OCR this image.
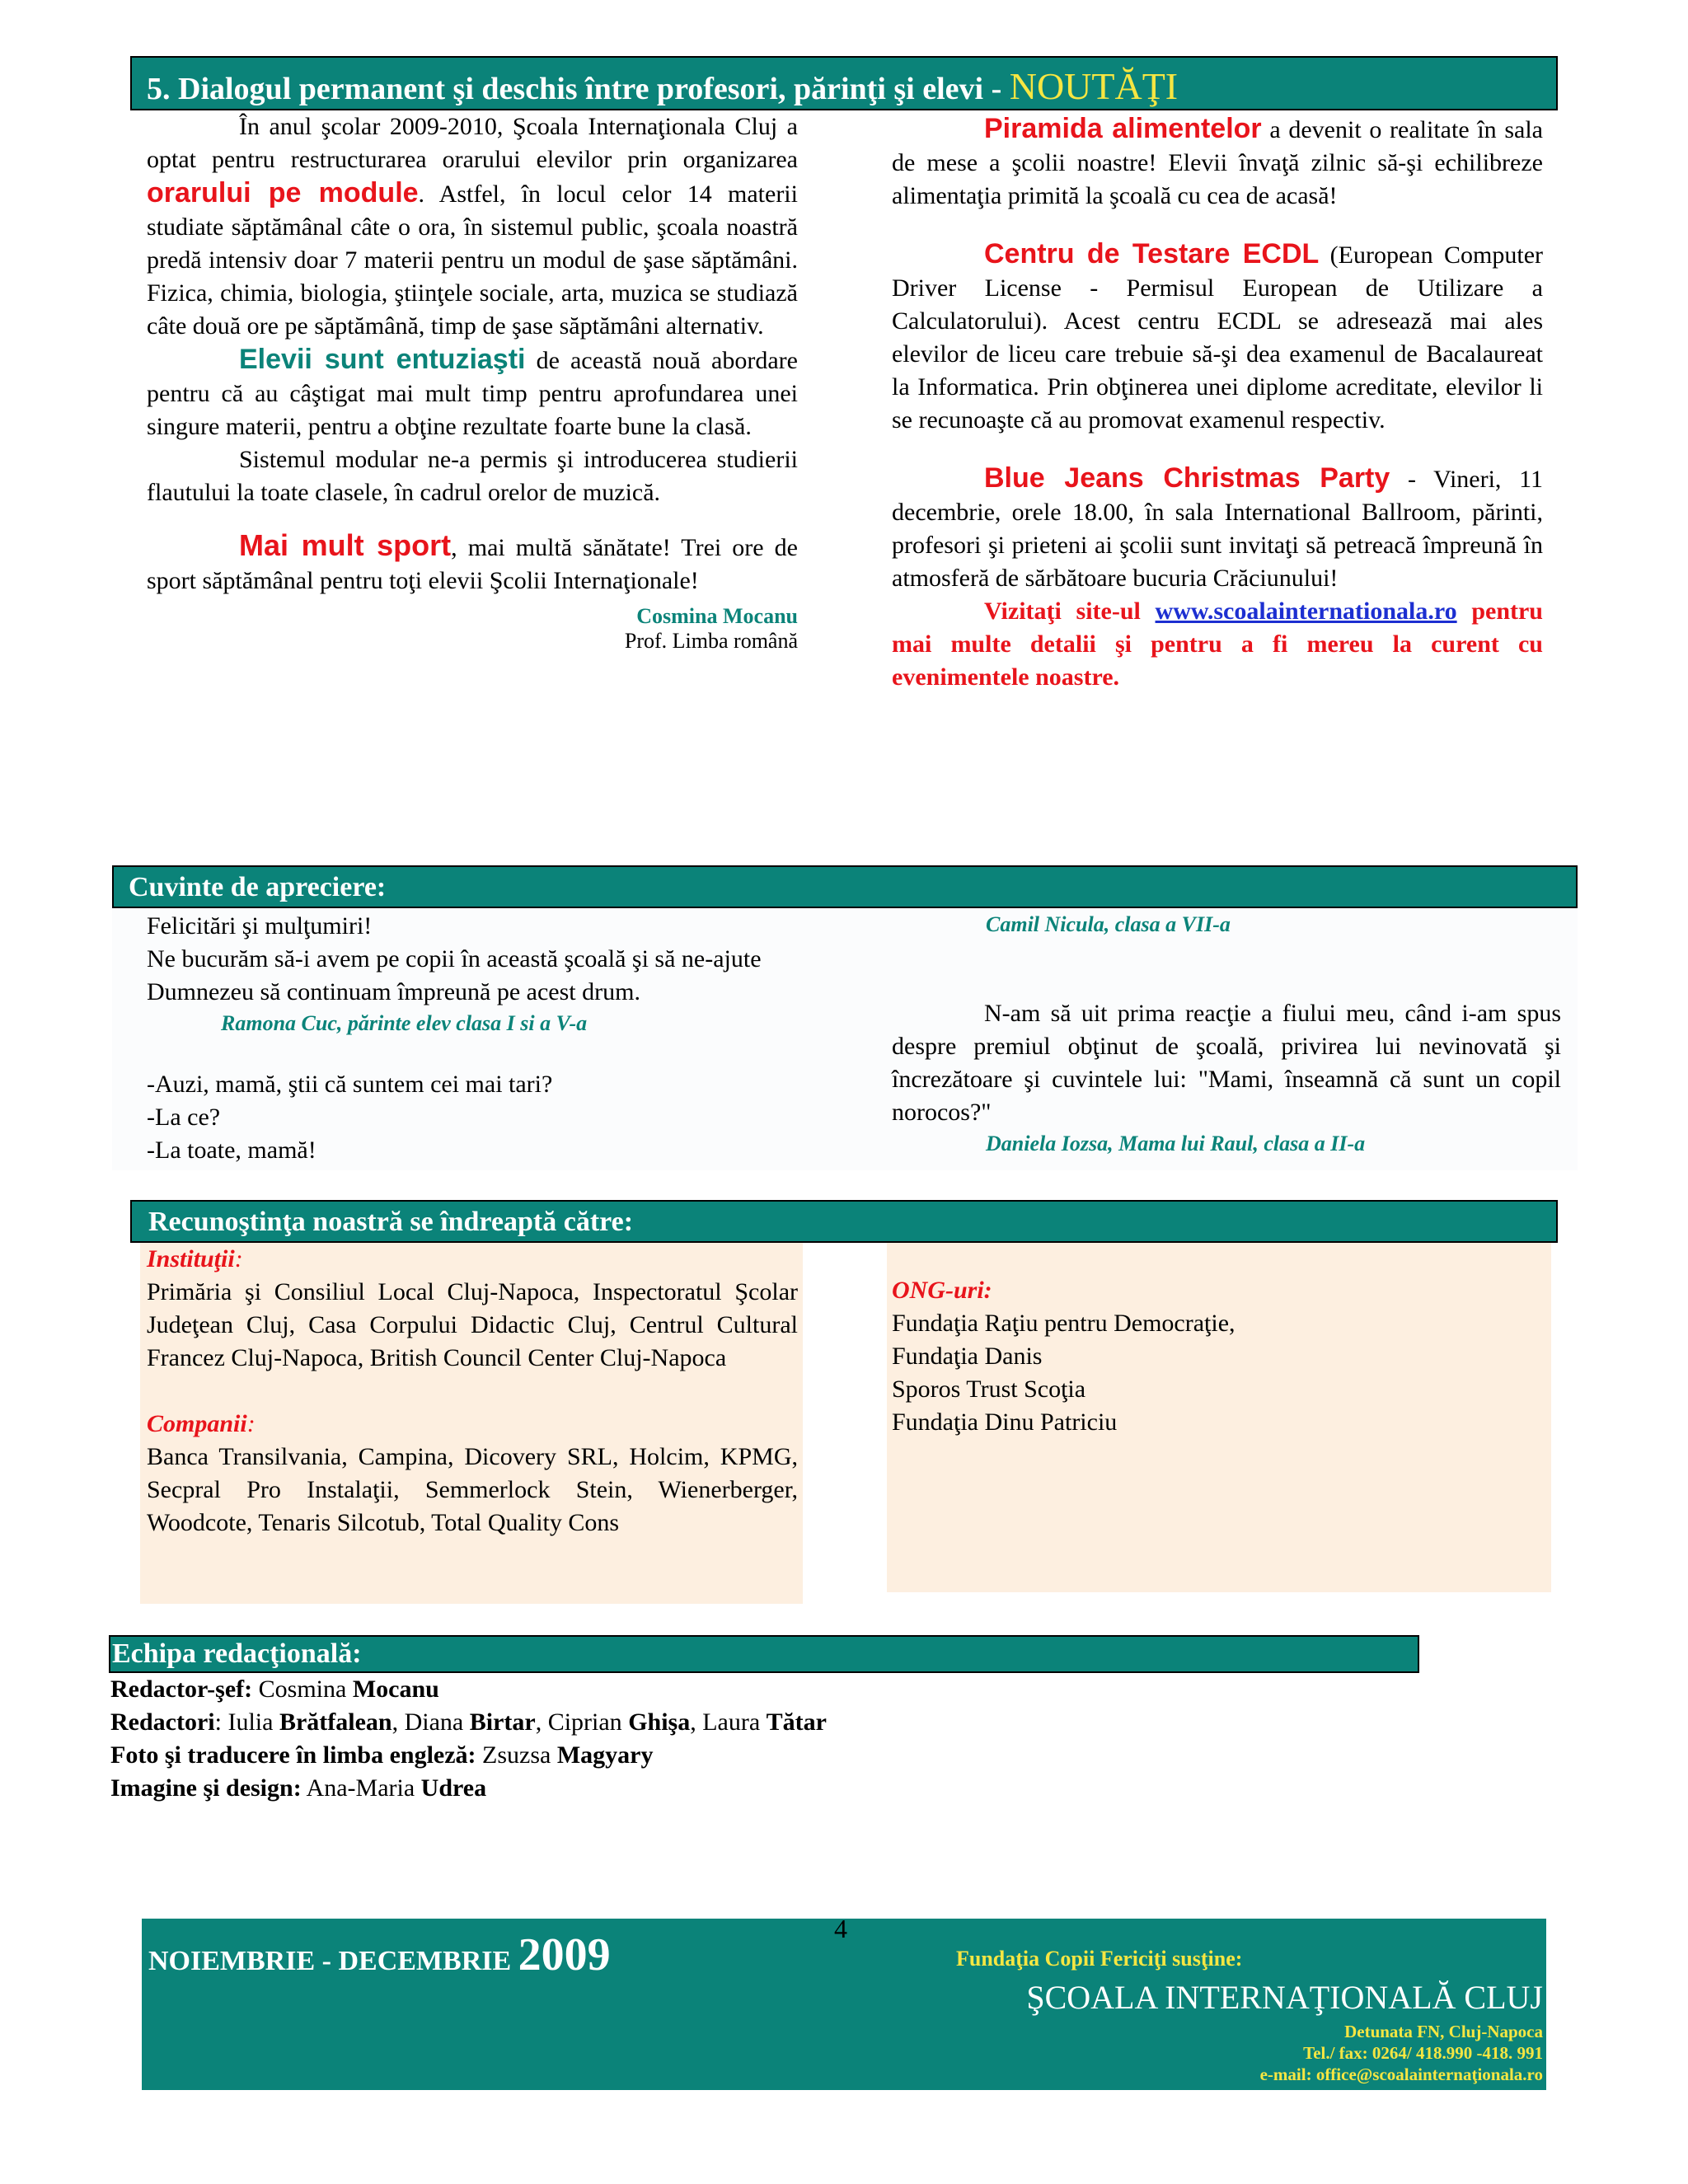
5. Dialogul permanent şi deschis între profesori, părinţi şi elevi - NOUTĂŢI

În anul şcolar 2009-2010, Şcoala Internaţionala Cluj a optat pentru restructurarea orarului elevilor prin organizarea orarului pe module. Astfel, în locul celor 14 materii studiate săptămânal câte o ora, în sistemul public, şcoala noastră predă intensiv doar 7 materii pentru un modul de şase săptămâni. Fizica, chimia, biologia, ştiinţele sociale, arta, muzica se studiază câte două ore pe săptămână, timp de şase săptămâni alternativ.

Elevii sunt entuziaşti de această nouă abordare pentru că au câştigat mai mult timp pentru aprofundarea unei singure materii, pentru a obţine rezultate foarte bune la clasă.

Sistemul modular ne-a permis şi introducerea studierii flautului la toate clasele, în cadrul orelor de muzică.

Mai mult sport, mai multă sănătate! Trei ore de sport săptămânal pentru toţi elevii Şcolii Internaţionale!

Cosmina Mocanu
Prof. Limba română

Piramida alimentelor a devenit o realitate în sala de mese a şcolii noastre! Elevii învaţă zilnic să-şi echilibreze alimentaţia primită la şcoală cu cea de acasă!

Centru de Testare ECDL (European Computer Driver License - Permisul European de Utilizare a Calculatorului). Acest centru ECDL se adresează mai ales elevilor de liceu care trebuie să-şi dea examenul de Bacalaureat la Informatica. Prin obţinerea unei diplome acreditate, elevilor li se recunoaşte că au promovat examenul respectiv.

Blue Jeans Christmas Party - Vineri, 11 decembrie, orele 18.00, în sala International Ballroom, părinti, profesori şi prieteni ai şcolii sunt invitaţi să petreacă împreună în atmosferă de sărbătoare bucuria Crăciunului!

Vizitaţi site-ul www.scoalainternationala.ro pentru mai multe detalii şi pentru a fi mereu la curent cu evenimentele noastre.

Cuvinte de apreciere:

Felicitări şi mulţumiri!

Ne bucurăm să-i avem pe copii în această şcoală şi să ne-ajute Dumnezeu să continuam împreună pe acest drum.

Ramona Cuc, părinte elev clasa I si a V-a

-Auzi, mamă, ştii că suntem cei mai tari?

-La ce?

-La toate, mamă!

Camil Nicula, clasa a VII-a

N-am să uit prima reacţie a fiului meu, când i-am spus despre premiul obţinut de şcoală, privirea lui nevinovată şi încrezătoare şi cuvintele lui: "Mami, înseamnă că sunt un copil norocos?"

Daniela Iozsa, Mama lui Raul, clasa a II-a
Recunoştinţa noastră se îndreaptă către:
Instituţii:

Primăria şi Consiliul Local Cluj-Napoca, Inspectoratul Şcolar Judeţean Cluj, Casa Corpului Didactic Cluj, Centrul Cultural Francez Cluj-Napoca, British Council Center Cluj-Napoca

Companii:

Banca Transilvania, Campina, Dicovery SRL, Holcim, KPMG, Secpral Pro Instalaţii, Semmerlock Stein, Wienerberger, Woodcote, Tenaris Silcotub, Total Quality Cons

ONG-uri:

Fundaţia Raţiu pentru Democraţie,

Fundaţia Danis

Sporos Trust Scoţia

Fundaţia Dinu Patriciu

Echipa redacţională:

Redactor-şef: Cosmina Mocanu

Redactori: Iulia Brătfalean, Diana Birtar, Ciprian Ghişa, Laura Tătar

Foto şi traducere în limba engleză: Zsuzsa Magyary

Imagine şi design: Ana-Maria Udrea

4
NOIEMBRIE - DECEMBRIE 2009	Fundaţia Copii Fericiţi susţine:
ŞCOALA INTERNAŢIONALĂ CLUJ
Detunata FN, Cluj-Napoca
Tel./ fax: 0264/ 418.990 -418. 991
e-mail: office@scoalainternaţionala.ro
